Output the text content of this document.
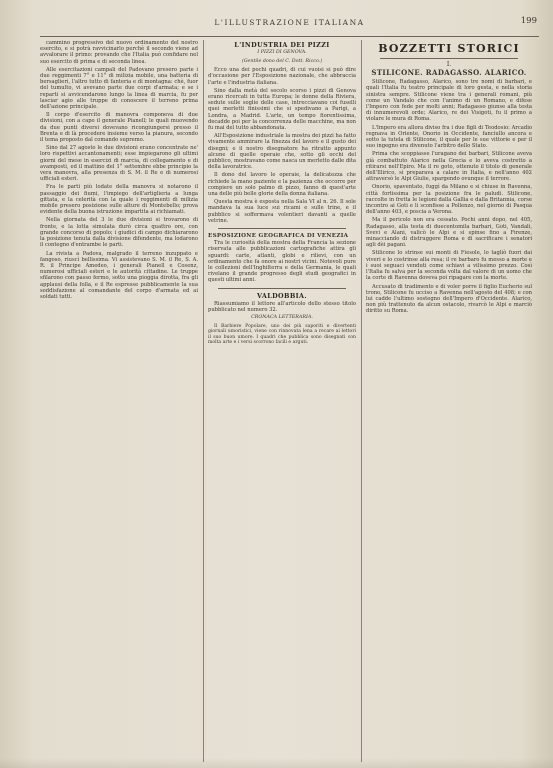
L'ILLUSTRAZIONE ITALIANA	199

cammino progressivo del nuovo ordinamento del nostro esercito, e si potrà ravvicinarlo perchè il secondo viene ad avvalorare il primo: provando che l'Italia può confidare nel suo esercito di prima e di seconda linea.

Alle esercitazioni campali del Padovano presero parte i due reggimenti 7° e 11° di milizia mobile, una batteria di bersaglieri, l'altro tutto di fanteria e di montagna: chè, fuor del tumulto, vi avevano parte due corpi d'armata; e se i reparti si avvicendarono lungo la linea di marcia, fu per lasciar agio alle truppe di conoscere il terreno prima dell'azione principale.

Il corpo d'esercito di manovra componeva di due divisioni, con a capo il generale Pianell; le quali muovendo da due punti diversi dovevano ricongiungersi presso il Brenta e di là procedere insieme verso la pianura, secondo il tema proposto dal comando supremo.

Sino dal 27 agosto le due divisioni erano concentrate ne' loro rispettivi accantonamenti; esse impiegarono gli ultimi giorni del mese in esercizi di marcia, di collegamento e di avamposti, ed il mattino del 1° settembre ebbe principio la vera manovra, alla presenza di S. M. il Re e di numerosi ufficiali esteri.

Fra le parti più lodate della manovra si notarono il passaggio dei fiumi, l'impiego dell'artiglieria a lunga gittata, e la celerità con la quale i reggimenti di milizia mobile presero posizione sulle alture di Montebello; prova evidente della buona istruzione impartita ai richiamati.

Nella giornata del 3 le due divisioni si trovarono di fronte, e la lotta simulata durò circa quattro ore, con grande concorso di popolo; i giudici di campo dichiararono la posizione tenuta dalla divisione difendente, ma lodarono il contegno d'entrambe le parti.

La rivista a Padova, malgrado il terreno inzuppato e fangoso, riuscì bellissima. Vi assistevano S. M. il Re, S. A. R. il Principe Amedeo, i generali Pianell e Cosenz, numerosi ufficiali esteri e le autorità cittadine. Le truppe sfilarono con passo fermo, sotto una pioggia dirotta, fra gli applausi della folla, e il Re espresse pubblicamente la sua soddisfazione al comandante del corpo d'armata ed ai soldati tutti.

L'INDUSTRIA DEI PIZZI
I PIZZI DI GENOVA.
(Gentile dono del C. Dott. Ricco.)

Ecco una dei pochi quadri, di cui vuoisi si può dire d'occasione per l'Esposizione nazionale, che abbraccia l'arte e l'industria italiana.

Sino dalla metà del secolo scorso i pizzi di Genova erano ricercati in tutta Europa; le donne della Riviera, sedute sulle soglie delle case, intrecciavano coi fuselli quei merletti finissimi che si spedivano a Parigi, a Londra, a Madrid. L'arte, un tempo fiorentissima, decadde poi per la concorrenza delle macchine, ma non fu mai del tutto abbandonata.

All'Esposizione industriale la mostra dei pizzi ha fatto vivamente ammirare la finezza del lavoro e il gusto dei disegni; e il nostro disegnatore ha ritratto appunto alcune di quelle operaie che, sotto gli occhi del pubblico, mostravano come nasca un merletto dalle dita della lavoratrice.

Il dono del lavoro le operaie, la delicatezza che richiede la mano paziente e la pazienza che occorre per compiere un solo palmo di pizzo, fanno di quest'arte una delle più belle glorie della donna italiana.

Questa mostra è esposta nella Sala VI al n. 26. Il sole mandava la sua luce sui ricami e sulle trine, e il pubblico si soffermava volentieri davanti a quelle vetrine.

ESPOSIZIONE GEOGRAFICA DI VENEZIA

Tra le curiosità della mostra della Francia la sezione riservata alle pubblicazioni cartografiche attira gli sguardi: carte, atlanti, globi e rilievi, con un ordinamento che fa onore ai nostri vicini. Notevoli pure le collezioni dell'Inghilterra e della Germania, le quali rivelano il grande progresso degli studi geografici in questi ultimi anni.

VALDOBBIA.

Riassumiamo il lettore all'articolo dello stesso titolo pubblicato nel numero 32.

CRONACA LETTERARIA.

Il Barbiere Popolare, uno dei più saporiti e divertenti giornali umoristici, viene con rinnovata lena a recare ai lettori il suo buon umore. I quadri che pubblica sono disegnati con molta arte e i versi scorrono facili e arguti.

BOZZETTI STORICI
I.
STILICONE. RADAGASSO. ALARICO.

Stilicone, Radagasso, Alarico, sono tre nomi di barbari, e quali l'Italia fu teatro principale di loro gesta, e nella storia sinistra sempre. Stilicone viene tra i generali romani, più come un Vandalo che con l'animo di un Romano, e difese l'Impero con fede per molti anni; Radagasso giunse alla testa di innumerevoli orde; Alarico, re dei Visigoti, fu il primo a violare le mura di Roma.

L'Impero era allora diviso fra i due figli di Teodosio: Arcadio regnava in Oriente, Onorio in Occidente, fanciullo ancora e sotto la tutela di Stilicone, il quale per le sue vittorie e per il suo ingegno era divenuto l'arbitro dello Stato.

Prima che scoppiasse l'uragano dei barbari, Stilicone aveva già combattuto Alarico nella Grecia e lo aveva costretto a ritirarsi nell'Epiro. Ma il re goto, ottenuto il titolo di generale dell'Illirico, si preparava a calare in Italia, e nell'anno 402 attraversò le Alpi Giulie, spargendo ovunque il terrore.

Onorio, spaventato, fuggì da Milano e si chiuse in Ravenna, città fortissima per la posizione fra le paludi. Stilicone, raccolte in fretta le legioni dalla Gallia e dalla Britannia, corse incontro ai Goti e li sconfisse a Pollenzo, nel giorno di Pasqua dell'anno 403, e poscia a Verona.

Ma il pericolo non era cessato. Pochi anni dopo, nel 405, Radagasso, alla testa di duecentomila barbari, Goti, Vandali, Svevi e Alani, valicò le Alpi e si spinse fino a Firenze, minacciando di distruggere Roma e di sacrificare i senatori agli dèi pagani.

Stilicone lo strinse sui monti di Fiesole, lo tagliò fuori dai viveri e lo costrinse alla resa; il re barbaro fu messo a morte e i suoi seguaci venduti come schiavi a vilissimo prezzo. Così l'Italia fu salva per la seconda volta dal valore di un uomo che la corte di Ravenna doveva poi ripagare con la morte.

Accusato di tradimento e di voler porre il figlio Eucherio sul trono, Stilicone fu ucciso a Ravenna nell'agosto del 408; e con lui cadde l'ultimo sostegno dell'Impero d'Occidente. Alarico, non più trattenuto da alcun ostacolo, rivarcò le Alpi e marciò diritto su Roma.
